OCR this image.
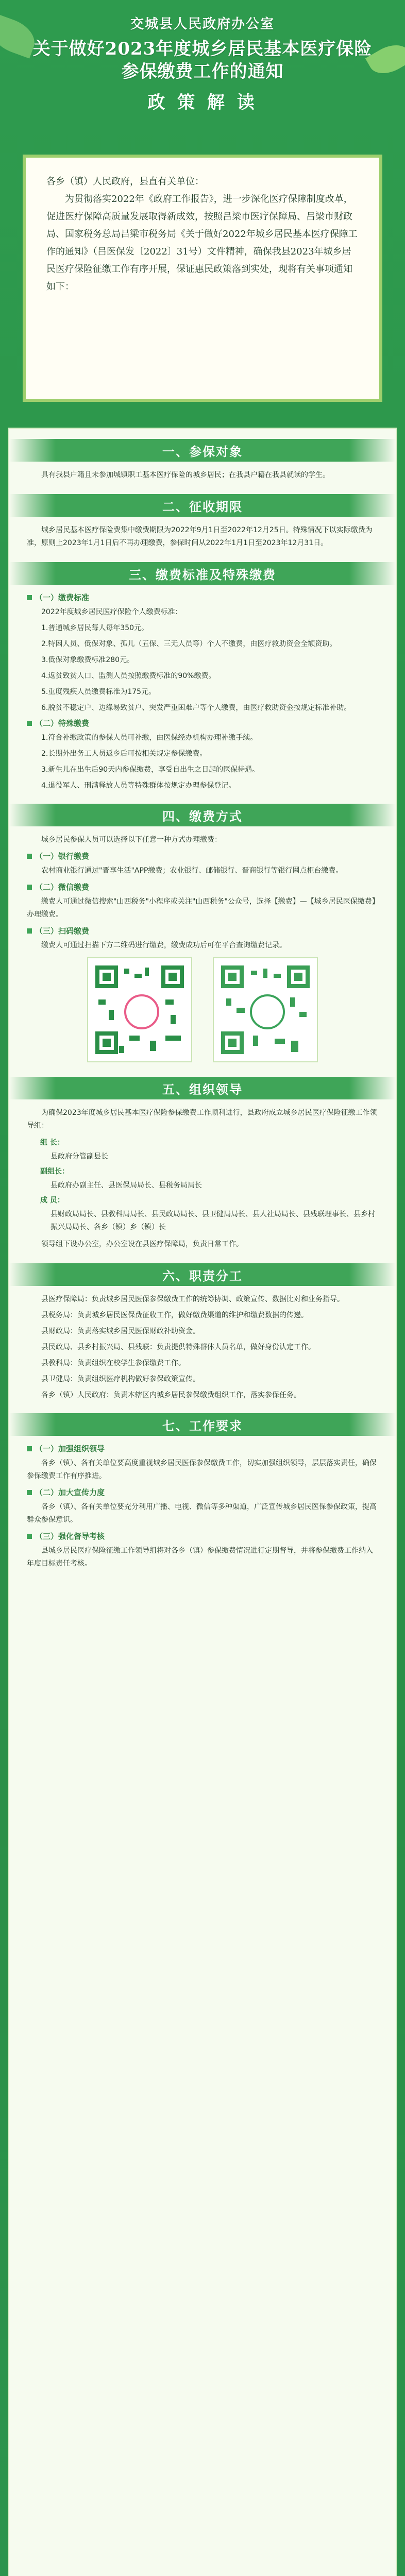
交城县人民政府办公室
关于做好2023年度城乡居民基本医疗保险
参保缴费工作的通知
政 策 解 读

各乡（镇）人民政府，县直有关单位：

为贯彻落实2022年《政府工作报告》，进一步深化医疗保障制度改革，促进医疗保障高质量发展取得新成效，按照吕梁市医疗保障局、吕梁市财政局、国家税务总局吕梁市税务局《关于做好2022年城乡居民基本医疗保障工作的通知》（吕医保发〔2022〕31号）文件精神，确保我县2023年城乡居民医疗保险征缴工作有序开展，保证惠民政策落到实处，现将有关事项通知如下：

一、参保对象

具有我县户籍且未参加城镇职工基本医疗保险的城乡居民；在我县户籍在我县就读的学生。

二、征收期限

城乡居民基本医疗保险费集中缴费期限为2022年9月1日至2022年12月25日。特殊情况下以实际缴费为准，原则上2023年1月1日后不再办理缴费，参保时间从2022年1月1日至2023年12月31日。

三、缴费标准及特殊缴费
（一）缴费标准

2022年度城乡居民医疗保险个人缴费标准：

1.普通城乡居民每人每年350元。

2.特困人员、低保对象、孤儿（五保、三无人员等）个人不缴费，由医疗救助资金全额资助。

3.低保对象缴费标准280元。

4.返贫致贫人口、监测人员按照缴费标准的90%缴费。

5.重度残疾人员缴费标准为175元。

6.脱贫不稳定户、边缘易致贫户、突发严重困难户等个人缴费，由医疗救助资金按规定标准补助。

（二）特殊缴费

1.符合补缴政策的参保人员可补缴，由医保经办机构办理补缴手续。

2.长期外出务工人员返乡后可按相关规定参保缴费。

3.新生儿在出生后90天内参保缴费，享受自出生之日起的医保待遇。

4.退役军人、刑满释放人员等特殊群体按规定办理参保登记。

四、缴费方式

城乡居民参保人员可以选择以下任意一种方式办理缴费：

（一）银行缴费

农村商业银行通过"晋享生活"APP缴费；农业银行、邮储银行、晋商银行等银行网点柜台缴费。

（二）微信缴费

缴费人可通过微信搜索"山西税务"小程序或关注"山西税务"公众号，选择【缴费】—【城乡居民医保缴费】办理缴费。

（三）扫码缴费

缴费人可通过扫描下方二维码进行缴费，缴费成功后可在平台查询缴费记录。

五、组织领导

为确保2023年度城乡居民基本医疗保险参保缴费工作顺利进行，县政府成立城乡居民医疗保险征缴工作领导组：

组 长：
县政府分管副县长
副组长：
县政府办副主任、县医保局局长、县税务局局长
成 员：
县财政局局长、县教科局局长、县民政局局长、县卫健局局长、县人社局局长、县残联理事长、县乡村振兴局局长、各乡（镇）乡（镇）长

领导组下设办公室，办公室设在县医疗保障局，负责日常工作。

六、职责分工

县医疗保障局：负责城乡居民医保参保缴费工作的统筹协调、政策宣传、数据比对和业务指导。

县税务局：负责城乡居民医保费征收工作，做好缴费渠道的维护和缴费数据的传递。

县财政局：负责落实城乡居民医保财政补助资金。

县民政局、县乡村振兴局、县残联：负责提供特殊群体人员名单，做好身份认定工作。

县教科局：负责组织在校学生参保缴费工作。

县卫健局：负责组织医疗机构做好参保政策宣传。

各乡（镇）人民政府：负责本辖区内城乡居民参保缴费组织工作，落实参保任务。

七、工作要求
（一）加强组织领导

各乡（镇）、各有关单位要高度重视城乡居民医保参保缴费工作，切实加强组织领导，层层落实责任，确保参保缴费工作有序推进。

（二）加大宣传力度

各乡（镇）、各有关单位要充分利用广播、电视、微信等多种渠道，广泛宣传城乡居民医保参保政策，提高群众参保意识。

（三）强化督导考核

县城乡居民医疗保险征缴工作领导组将对各乡（镇）参保缴费情况进行定期督导，并将参保缴费工作纳入年度目标责任考核。
